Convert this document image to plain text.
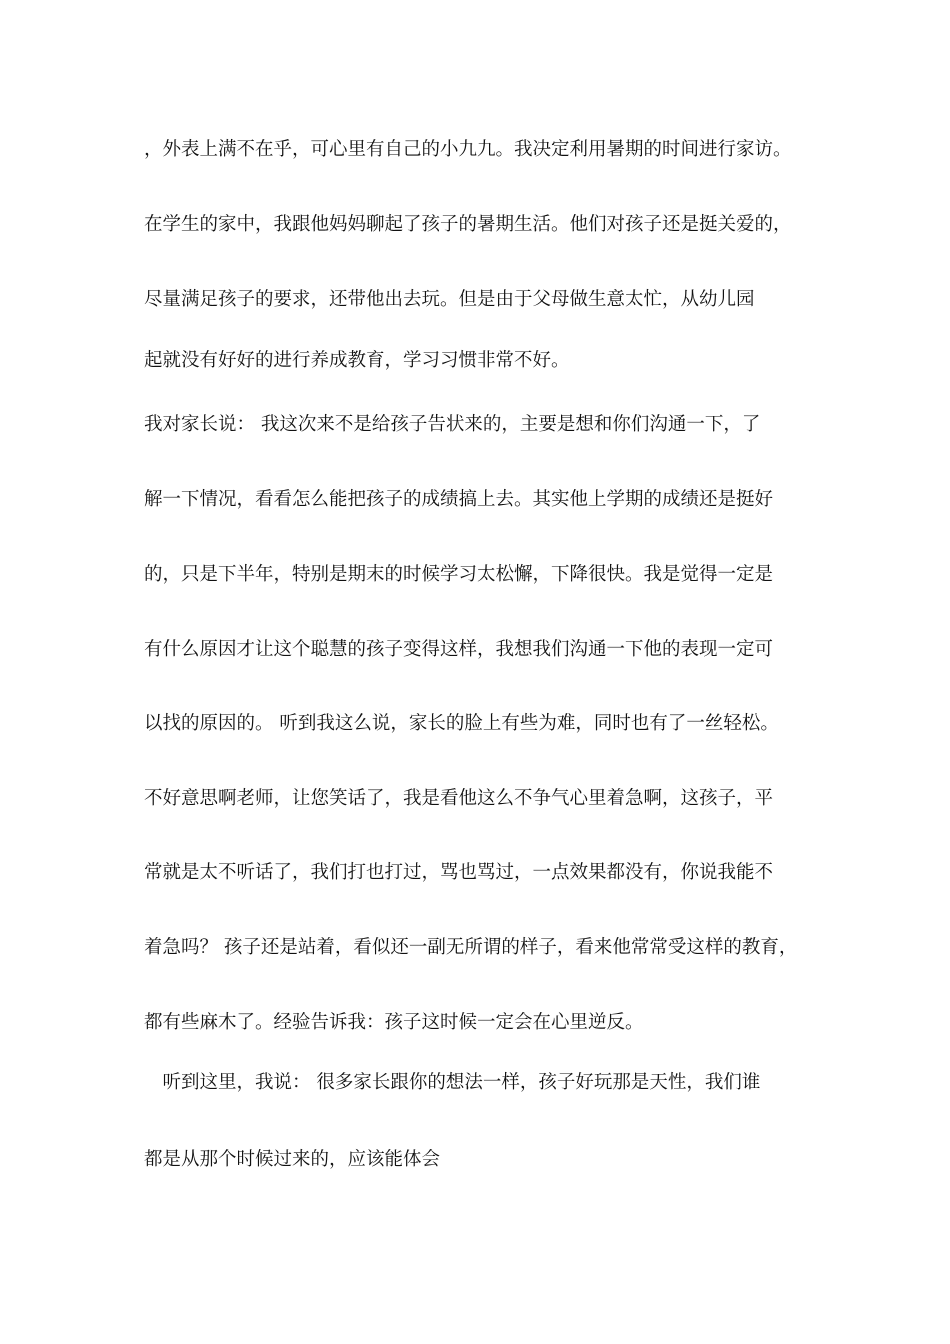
，外表上满不在乎，可心里有自己的小九九。我决定利用暑期的时间进行家访。
在学生的家中，我跟他妈妈聊起了孩子的暑期生活。他们对孩子还是挺关爱的，
尽量满足孩子的要求，还带他出去玩。但是由于父母做生意太忙，从幼儿园
起就没有好好的进行养成教育，学习习惯非常不好。
我对家长说： 我这次来不是给孩子告状来的，主要是想和你们沟通一下，了
解一下情况，看看怎么能把孩子的成绩搞上去。其实他上学期的成绩还是挺好
的，只是下半年，特别是期末的时候学习太松懈，下降很快。我是觉得一定是
有什么原因才让这个聪慧的孩子变得这样，我想我们沟通一下他的表现一定可
以找的原因的。 听到我这么说，家长的脸上有些为难，同时也有了一丝轻松。
不好意思啊老师，让您笑话了，我是看他这么不争气心里着急啊，这孩子，平
常就是太不听话了，我们打也打过，骂也骂过，一点效果都没有，你说我能不
着急吗？ 孩子还是站着，看似还一副无所谓的样子，看来他常常受这样的教育，
都有些麻木了。经验告诉我：孩子这时候一定会在心里逆反。
　听到这里，我说： 很多家长跟你的想法一样，孩子好玩那是天性，我们谁
都是从那个时候过来的，应该能体会
